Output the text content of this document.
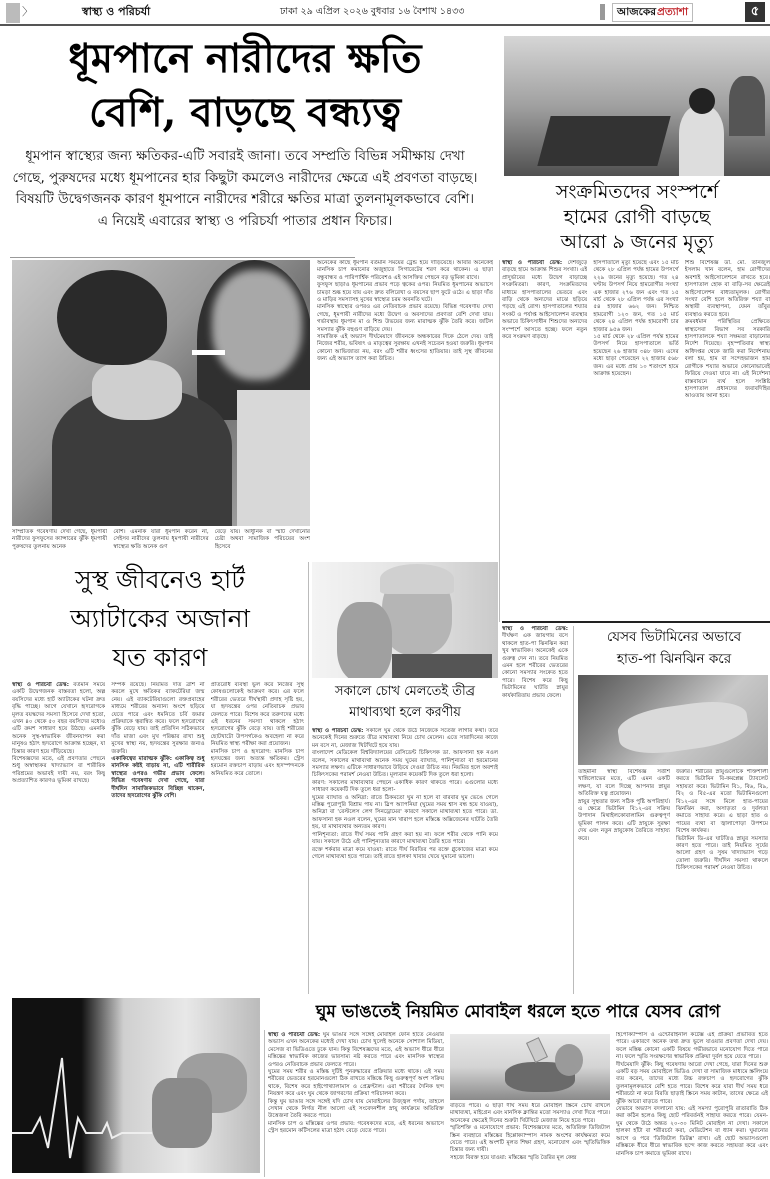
〉	স্বাস্থ্য ও পরিচর্যা	ঢাকা ২৯ এপ্রিল ২০২৬ বুধবার ১৬ বৈশাখ ১৪৩৩	আজকের প্রত্যাশা	৫
ধূমপানে নারীদের ক্ষতি
বেশি, বাড়ছে বন্ধ্যত্ব
ধূমপান স্বাস্থ্যের জন্য ক্ষতিকর-এটি সবারই জানা। তবে সম্প্রতি বিভিন্ন সমীক্ষায় দেখা গেছে, পুরুষদের মধ্যে ধূমপানের হার কিছুটা কমলেও নারীদের ক্ষেত্রে এই প্রবণতা বাড়ছে। বিষয়টি উদ্বেগজনক কারণ ধূমপানে নারীদের শরীরে ক্ষতির মাত্রা তুলনামূলকভাবে বেশি। এ নিয়েই এবারের স্বাস্থ্য ও পরিচর্যা পাতার প্রধান ফিচার।
সাম্প্রতিক গবেষণায় দেখা গেছে, ধূমপায়ী নারীদের ফুসফুসের ক্যান্সারের ঝুঁকি ধূমপায়ী পুরুষদের তুলনায় অনেক
বেশি। এমনকি যারা ধূমপান করেন না, সেইসব নারীদের তুলনায় ধূমপায়ী নারীদের স্বাস্থ্যের ক্ষতি অনেক গুণ
বেড়ে যায়। আধুনিক বা স্মার্ট দেখানোর চেষ্টা অথবা সামাজিক পরিচয়ের অংশ হিসেবে

অনেকের কাছে ধূমপান বর্তমান সময়ের ট্রেন্ড হয়ে দাঁড়িয়েছে। আবার অনেকেই মানসিক চাপ কমানোর অজুহাতে সিগারেটের শরণ করে থাকেন। এ ছাড়া বন্ধুবান্ধব ও পারিপার্শ্বিক পরিবেশও এই আসক্তির পেছনে বড় ভূমিকা রাখে।

ফুসফুস ছাড়াও ধূমপানের প্রভাব পড়ে ত্বকের ওপর। নিয়মিত ধূমপানের অভ্যাসে চামড়া শুষ্ক হয়ে যায় এবং দ্রুত বলিরেখা ও বয়সের ছাপ ফুটে ওঠে। এ ছাড়া দাঁত ও মাড়ির সমস্যাসহ মুখের স্বাস্থ্যের চরম অবনতি ঘটে।

মানসিক স্বাস্থ্যের ওপরও এর নেতিবাচক প্রভাব রয়েছে। বিভিন্ন গবেষণায় দেখা গেছে, ধূমপায়ী নারীদের মধ্যে উদ্বেগ ও অবসাদের প্রবণতা বেশি দেখা যায়। গর্ভাবস্থায় ধূমপান মা ও শিশু উভয়ের জন্য মারাত্মক ঝুঁকি তৈরি করে। জটিল সমস্যার ঝুঁকি বহুগুণ বাড়িয়ে দেয়।

সামাজিক এই অভ্যাস দীর্ঘমেয়াদে জীবনকে অন্ধকারের দিকে ঠেলে দেয়। তাই নিজের শরীর, ভবিষ্যৎ ও মাতৃত্বের সুরক্ষায় এখনই সচেতন হওয়া জরুরি। ধূমপান কোনো আভিজাত্য নয়, বরং এটি শরীর ধ্বংসের হাতিয়ার। তাই সুস্থ জীবনের জন্য এই অভ্যাস ত্যাগ করা উচিত।

সংক্রমিতদের সংস্পর্শে
হামের রোগী বাড়ছে
আরো ৯ জনের মৃত্যু

স্বাস্থ্য ও পরিচর্যা ডেস্ক: দেশজুড়ে বাড়ছে হামে আক্রান্ত শিশুর সংখ্যা। এই প্রাদুর্ভাবের মধ্যে উদ্বেগ বাড়াচ্ছে সংক্রমিতরা। কারণ, সংক্রমিতদের মাধ্যমে হাসপাতালের ভেতরে এবং বাড়ি থেকে অন্যদের মাঝে ছড়িয়ে পড়ছে এই রোগ। হাসপাতালের শয্যার সংকট ও পর্যাপ্ত আইসোলেশন ব্যবস্থার অভাবে চিকিৎসাধীন শিশুদের অন্যদের সংস্পর্শে আসতে হচ্ছে। ফলে নতুন করে সংক্রমণ বাড়ছে।

হাসপাতালে মৃত্যু হয়েছে এবং ১৫ মার্চ থেকে ২৮ এপ্রিল পর্যন্ত হামের উপসর্গে ২২৯ জনের মৃত্যু হয়েছে। গত ২৪ ঘণ্টায় উপসর্গ নিয়ে হামরোগীর সংখ্যা এক হাজার ২৭৬ জন এবং গত ১৫ মার্চ থেকে ২৮ এপ্রিল পর্যন্ত এর সংখ্যা ৫৪ হাজার ৬৬২ জন। নিশ্চিত হামরোগী ১২৩ জন, গত ১৫ মার্চ থেকে ২৪ এপ্রিল পর্যন্ত হামরোগী চার হাজার ৯৫৬ জন।

১৫ মার্চ থেকে ২৮ এপ্রিল পর্যন্ত হামের উপসর্গ নিয়ে হাসপাতালে ভর্তি হয়েছেন ২৬ হাজার ৩৪৮ জন। এদের মধ্যে ছাড়া পেয়েছেন ২২ হাজার ৫৬৮ জন। এর মধ্যে প্রায় ১০ শতাংশে হামে আক্রান্ত হয়েছেন।

শিশু বিশেষজ্ঞ ডা. মো. তানজুল ইসলাম খান বলেন, হাম রোগীদের অবশ্যই আইসোলেশনে রাখতে হবে। হাসপাতাল হোক বা বাড়ি-সব ক্ষেত্রেই আইসোলেশন বাধ্যতামূলক। রোগীর সংখ্যা বেশি হলে অতিরিক্ত শয্যা বা অস্থায়ী ব্যবস্থাপনা, যেমন তাঁবুর ব্যবস্থাও করতে হবে।

ক্রমবর্ধমান পরিস্থিতির প্রেক্ষিতে স্বাস্থ্যসেবা বিভাগ সব সরকারি হাসপাতালকে শয্যা সক্ষমতা বাড়ানোর নির্দেশ দিয়েছে। বৃহস্পতিবার স্বাস্থ্য অধিদপ্তর থেকে জারি করা নির্দেশনায় বলা হয়, হাম বা সন্দেহভাজন হাম রোগীকে শয্যার অভাবে কোনোভাবেই ফিরিয়ে দেওয়া যাবে না। এই নির্দেশনা বাস্তবায়নে ব্যর্থ হলে সংশ্লিষ্ট হাসপাতাল প্রধানদের জবাবদিহির আওতায় আনা হবে।

সুস্থ জীবনেও হার্ট
অ্যাটাকের অজানা
যত কারণ

স্বাস্থ্য ও পরিচর্যা ডেস্ক: বর্তমান সময়ে একটি উদ্বেগজনক বাস্তবতা হলো, অল্প বয়সিদের মধ্যে হার্ট অ্যাটাকের ঘটনা দ্রুত বৃদ্ধি পাচ্ছে। আগে যেখানে হৃদরোগকে মূলত বয়স্কদের সমস্যা হিসেবে দেখা হতো, এখন ৪০ থেকে ৫০ বছর বয়সিদের মধ্যেও এটি ক্রমশ সাধারণ হয়ে উঠছে। এমনকি অনেক সুস্থ-স্বাভাবিক জীবনযাপন করা মানুষও হঠাৎ হৃদরোগে আক্রান্ত হচ্ছেন, যা চিন্তার কারণ হয়ে দাঁড়িয়েছে।

বিশেষজ্ঞদের মতে, এই প্রবণতার পেছনে শুধু অস্বাস্থ্যকর খাদ্যাভ্যাস বা শারীরিক পরিশ্রমের অভাবই দায়ী নয়, বরং কিছু অপ্রত্যাশিত কারণও ভূমিকা রাখছে।

সম্পর্ক রয়েছে। নিয়মিত দাঁত ব্রাশ না করলে মুখে ক্ষতিকর ব্যাকটেরিয়া জন্ম নেয়। এই ব্যাকটেরিয়াগুলো রক্তপ্রবাহের মাধ্যমে শরীরের অন্যান্য অংশে ছড়িয়ে যেতে পারে এবং ধমনিতে চর্বি জমার প্রক্রিয়াকে ত্বরান্বিত করে। ফলে হৃদরোগের ঝুঁকি বেড়ে যায়। তাই প্রতিদিন সঠিকভাবে দাঁত মাজা এবং মুখ পরিষ্কার রাখা শুধু মুখের স্বাস্থ্য নয়, হৃদযন্ত্রের সুরক্ষার জন্যও জরুরি।

একাকিত্বের মারাত্মক ঝুঁকি: একাকিত্ব শুধু মানসিক কষ্টই বাড়ায় না, এটি শারীরিক স্বাস্থ্যের ওপরও গভীর প্রভাব ফেলে। বিভিন্ন গবেষণায় দেখা গেছে, যারা দীর্ঘদিন সামাজিকভাবে বিচ্ছিন্ন থাকেন, তাদের হৃদরোগের ঝুঁকি বেশি।

প্রতিরোধ ব্যবস্থা ভুল করে নিজের সুস্থ কোষগুলোকেই আক্রমণ করে। এর ফলে শরীরের ভেতরে দীর্ঘস্থায়ী প্রদাহ সৃষ্টি হয়, যা হৃদযন্ত্রের ওপর নেতিবাচক প্রভাব ফেলতে পারে। বিশেষ করে তরুণদের মধ্যে এই ধরনের সমস্যা থাকলে হঠাৎ হৃদরোগের ঝুঁকি বেড়ে যায়। তাই শরীরের ছোটখাটো উপসর্গকেও অবহেলা না করে নিয়মিত স্বাস্থ্য পরীক্ষা করা প্রয়োজন।

মানসিক চাপ ও হৃদরোগ: মানসিক চাপ হৃদযন্ত্রের জন্য অত্যন্ত ক্ষতিকর। স্ট্রেস হরমোন রক্তচাপ বাড়ায় এবং হৃদস্পন্দনকে অনিয়মিত করে তোলে।

সকালে চোখ মেলতেই তীব্র
মাথাব্যথা হলে করণীয়

স্বাস্থ্য ও পরিচর্যা ডেস্ক: সকালে ঘুম থেকে উঠে নিজেকে সতেজ লাগার কথা। তবে অনেকেই দিনের শুরুতে তীব্র মাথাব্যথা নিয়ে চোখ মেলেন। এতে সারাদিনের কাজে মন বসে না, মেজাজ খিটখিটে হয়ে যায়।

বাংলাদেশ মেডিকেল বিশ্ববিদ্যালয়ের রেসিডেন্ট চিকিৎসক ডা. আফসানা হক নওল বলেন, সকালের মাথাব্যথা অনেক সময় ঘুমের ব্যাঘাত, পানিশূন্যতা বা হরমোনের সমস্যার লক্ষণ। এটিকে সাধারণভাবে উড়িয়ে দেওয়া উচিত নয়। নিয়মিত হলে অবশ্যই চিকিৎসকের পরামর্শ নেওয়া উচিত। মূল্যবান কয়েকটি দিক তুলে ধরা হলো।

কারণ: সকালের মাথাব্যথার পেছনে একাধিক কারণ থাকতে পারে। এগুলোর মধ্যে সাধারণ কয়েকটি দিক তুলে ধরা হলো-

ঘুমের ব্যাঘাত ও অনিদ্রা: রাতে ঠিকমতো ঘুম না হলে বা বারবার ঘুম ভেঙে গেলে মস্তিষ্ক পুরোপুরি বিশ্রাম পায় না। স্লিপ অ্যাপনিয়া (ঘুমের সময় শ্বাস বন্ধ হয়ে যাওয়া), অনিদ্রা বা 'রেস্টলেস লেগ সিনড্রোমের' কারণে সকালে মাথাব্যথা হতে পারে। ডা. আফসানা হক নওল বলেন, ঘুমের মান খারাপ হলে মস্তিষ্কে অক্সিজেনের ঘাটতি তৈরি হয়, যা মাথাব্যথার অন্যতম কারণ।

পানিশূন্যতা: রাতে দীর্ঘ সময় পানি গ্রহণ করা হয় না। ফলে শরীর থেকে পানি কমে যায়। সকালে উঠে এই পানিশূন্যতার কারণে মাথাব্যথা তৈরি হতে পারে।

রক্তে শর্করার মাত্রা কমে যাওয়া: রাতে দীর্ঘ বিরতির পর রক্তে গ্লুকোজের মাত্রা কমে গেলে মাথাব্যথা হতে পারে। তাই রাতে হালকা খাবার খেয়ে ঘুমানো ভালো।

স্বাস্থ্য ও পরিচর্যা ডেস্ক: দীর্ঘক্ষণ এক জায়গায় বসে থাকলে হাত-পা ঝিনঝিন করা খুব স্বাভাবিক। অনেকেই একে গুরুত্ব দেন না। তবে নিয়মিত এমন হলে শরীরের ভেতরের কোনো সমস্যার সংকেত হতে পারে। বিশেষ করে কিছু ভিটামিনের ঘাটতি স্নায়ুর কার্যকারিতায় প্রভাব ফেলে।

যেসব ভিটামিনের অভাবে
হাত-পা ঝিনঝিন করে

তাহমীনা স্বাস্থ্য বিশেষজ্ঞ সতীশ খান্নিলোভের মতে, এটি এমন একটি লক্ষণ, যা বলে দিচ্ছে আপনার স্নায়ুর অতিরিক্ত যত্ন প্রয়োজন।

স্নায়ুর সুস্থতার জন্য সঠিক পুষ্টি অপরিহার্য। এ ক্ষেত্রে ভিটামিন বি১২-এর সক্রিয় উপাদান মিথাইলকোবালামিন গুরুত্বপূর্ণ ভূমিকা পালন করে। এটি স্নায়ুকে সুরক্ষা দেয় এবং নতুন স্নায়ুকোষ তৈরিতে সাহায্য করে।

জরুরি। শরীরের স্নায়ুগুলোকে শক্তিশালী করতে ভিটামিন বি-কমপ্লেক্স ট্যাবলেট সহায়তা করে। ভিটামিন বি১, বি৬, বি৯, বি২ ও বি৫-এর মতো ভিটামিনগুলো বি১২-এর সঙ্গে মিলে হাত-পায়ের ঝিনঝিন করা, অসাড়তা ও দুর্বলতা কমাতে সাহায্য করে। এ ছাড়া হাত ও পায়ের ব্যথা বা জ্বালাপোড়া উপশমে বিশেষ কার্যকর।

ভিটামিন ডি-এর ঘাটতিও স্নায়ুর সমস্যার কারণ হতে পারে। তাই নিয়মিত সূর্যের আলো গ্রহণ ও সুষম খাদ্যাভ্যাস গড়ে তোলা জরুরি। দীর্ঘদিন সমস্যা থাকলে চিকিৎসকের পরামর্শ নেওয়া উচিত।

ঘুম ভাঙতেই নিয়মিত মোবাইল ধরলে হতে পারে যেসব রোগ

স্বাস্থ্য ও পরিচর্যা ডেস্ক: ঘুম ভাঙার সঙ্গে সঙ্গেই মোবাইল ফোন হাতে নেওয়ার অভ্যাস এখন অনেকের মধ্যেই দেখা যায়। চোখ খুলেই অনেকে সোশ্যাল মিডিয়া, মেসেজ বা ভিডিওতে ঢুকে যান। কিন্তু বিশেষজ্ঞদের মতে, এই অভ্যাস ধীরে ধীরে মস্তিষ্কের স্বাভাবিক কাজের ভারসাম্য নষ্ট করতে পারে এবং মানসিক স্বাস্থ্যের ওপরও নেতিবাচক প্রভাব ফেলতে পারে।

ঘুমের সময় শরীর ও মস্তিষ্ক দুটিই পুনরুদ্ধারের প্রক্রিয়ার মধ্যে থাকে। এই সময় শরীরের ভেতরের হরমোনগুলো ঠিক রাখতে মস্তিষ্কে কিছু গুরুত্বপূর্ণ অংশ সক্রিয় থাকে, বিশেষ করে হাইপোথ্যালামাস ও প্রেফ্রন্টাল। এরা শরীরের দৈনিক ছন্দ নিয়ন্ত্রণ করে এবং ঘুম থেকে জাগরণের প্রক্রিয়া পরিচালনা করে।

কিন্তু ঘুম ভাঙার সঙ্গে সঙ্গেই যদি চোখ যায় মোবাইলের উজ্জ্বল পর্দায়, তাহলে সেখান থেকে নির্গত নীল আলো এই সংবেদনশীল স্নায়ু কার্যক্রমে অতিরিক্ত উত্তেজনা তৈরি করতে পারে।

মানসিক চাপ ও মস্তিষ্কের ওপর প্রভাব: গবেষকদের মতে, এই ধরনের অভ্যাসে স্ট্রেস হরমোন কর্টিসলের মাত্রা হঠাৎ বেড়ে যেতে পারে।

বাড়তে পারে। এ ছাড়া দীর্ঘ সময় ধরে মোবাইল স্ক্রিনে চোখ রাখলে মাথাব্যথা, মাইগ্রেন এবং মানসিক ক্লান্তির মতো সমস্যাও দেখা দিতে পারে। অনেকের ক্ষেত্রেই দিনের শুরুটা খিটখিটে মেজাজ নিয়ে হতে পারে।

স্মৃতিশক্তি ও মনোযোগে প্রভাব: বিশেষজ্ঞদের মতে, অতিরিক্ত ডিজিটাল স্ক্রিন ব্যবহারে মস্তিষ্কের হিপ্পোক্যাম্পাস নামক অংশের কার্যক্ষমতা কমে যেতে পারে। এই অংশটি মূলত শিক্ষা গ্রহণ, মনোযোগ এবং স্মৃতিভিত্তিক চিন্তার জন্য দায়ী।

সহজে বিরক্ত হয়ে যাওয়া: মস্তিষ্কের স্মৃতি তৈরির মূল কেন্দ্র

হিপোক্যাম্পাস ও এন্টোরাইনাল কর্টেক্স এই প্রক্রিয়া প্রভাবিত হতে পারে। একারণে অনেক তথ্য দ্রুত ভুলে যাওয়ার প্রবণতা দেখা দেয়। ফলে মস্তিষ্ক কোনো একটি বিষয়ে গভীরভাবে মনোযোগ দিতে পারে না। ফলে স্মৃতি সংরক্ষণের স্বাভাবিক প্রক্রিয়া দুর্বল হয়ে যেতে পারে।

দীর্ঘমেয়াদি ঝুঁকি: কিছু গবেষণায় আরো দেখা গেছে, যারা দিনের শুরু একটি বড় সময় মোবাইলে ভিডিও দেখা বা সামাজিক মাধ্যমে স্ক্রলিংয়ে ব্যয় করেন, তাদের মধ্যে উচ্চ রক্তচাপ ও হৃদরোগের ঝুঁকি তুলনামূলকভাবে বেশি হতে পারে। বিশেষ করে যারা দীর্ঘ সময় ধরে শরীরচর্চা না করে বিরতি ছাড়াই স্ক্রিনে সময় কাটান, তাদের ক্ষেত্রে এই ঝুঁকি আরো বাড়তে পারে।

যেভাবে অভ্যাস বদলানো যায়: এই সমস্যা পুরোপুরি রাতারাতি ঠিক করা কঠিন হলেও কিছু ছোট পরিবর্তনই সাহায্য করতে পারে। যেমন-ঘুম থেকে উঠে অন্তত ২০-৩০ মিনিট মোবাইল না দেখা। সকালে হালকা হাঁটা বা শরীরচর্চা করা, মেডিটেশন বা ধ্যান করা। ঘুমানোর আগে ও পরে 'ডিজিটাল ডিটক্স' রাখা। এই ছোট অভ্যাসগুলো মস্তিষ্ককে ধীরে ধীরে স্বাভাবিক ছন্দে কাজ করতে সহায়তা করে এবং মানসিক চাপ কমাতে ভূমিকা রাখে।
